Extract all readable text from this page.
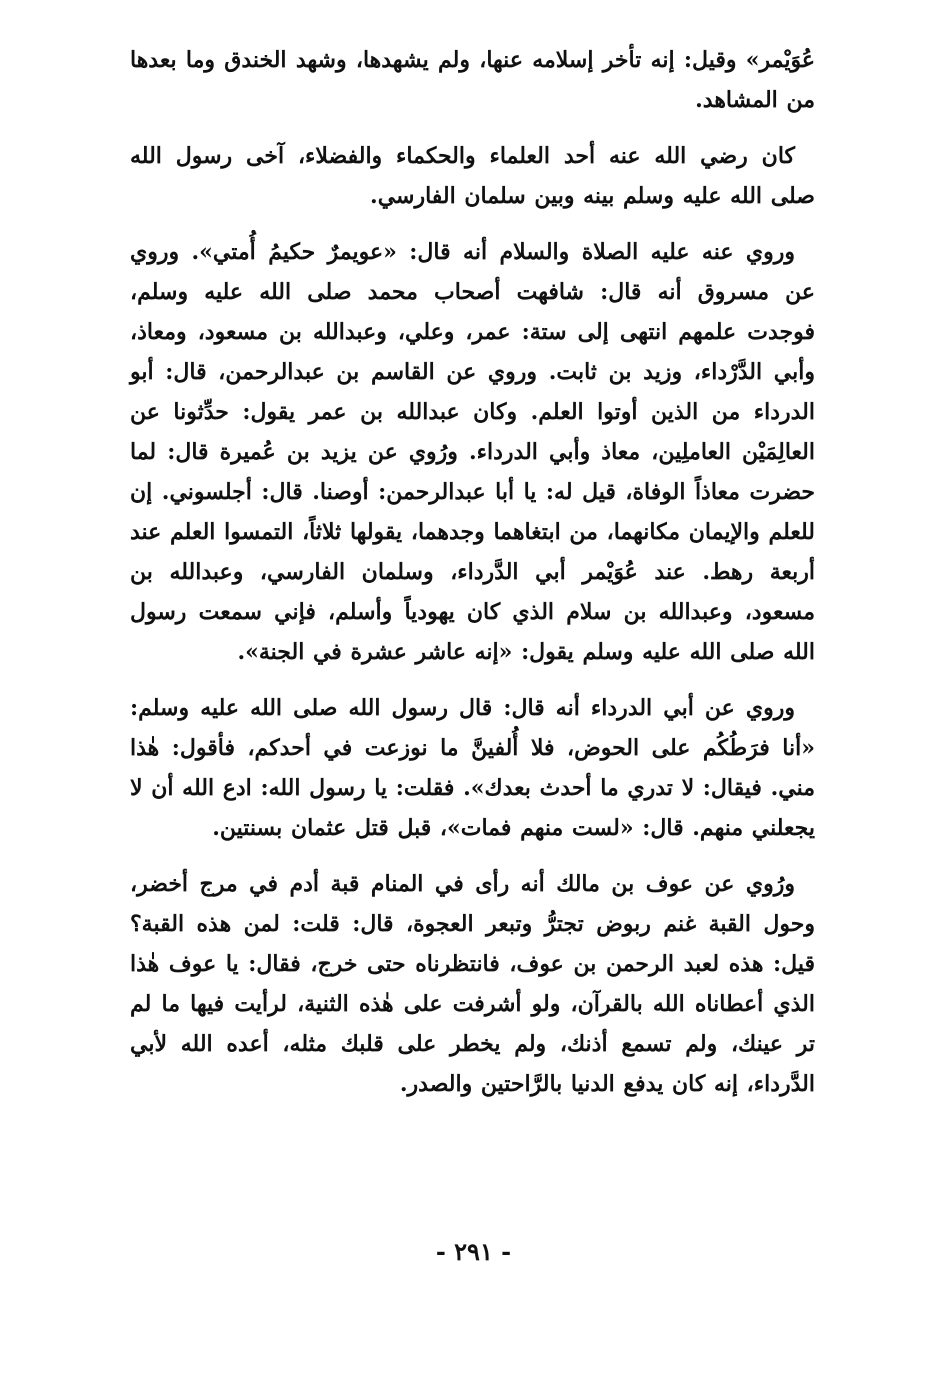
عُوَيْمر» وقيل: إنه تأخر إسلامه عنها، ولم يشهدها، وشهد الخندق وما بعدها من المشاهد.

كان رضي الله عنه أحد العلماء والحكماء والفضلاء، آخى رسول الله صلى الله عليه وسلم بينه وبين سلمان الفارسي.

وروي عنه عليه الصلاة والسلام أنه قال: «عويمرٌ حكيمُ أُمتي». وروي عن مسروق أنه قال: شافهت أصحاب محمد صلى الله عليه وسلم، فوجدت علمهم انتهى إلى ستة: عمر، وعلي، وعبدالله بن مسعود، ومعاذ، وأبي الدَّرْداء، وزيد بن ثابت. وروي عن القاسم بن عبدالرحمن، قال: أبو الدرداء من الذين أوتوا العلم. وكان عبدالله بن عمر يقول: حدِّثونا عن العالِمَيْن العاملِين، معاذ وأبي الدرداء. ورُوي عن يزيد بن عُميرة قال: لما حضرت معاذاً الوفاة، قيل له: يا أبا عبدالرحمن: أوصنا. قال: أجلسوني. إن للعلم والإيمان مكانهما، من ابتغاهما وجدهما، يقولها ثلاثاً، التمسوا العلم عند أربعة رهط. عند عُوَيْمر أبي الدَّرداء، وسلمان الفارسي، وعبدالله بن مسعود، وعبدالله بن سلام الذي كان يهودياً وأسلم، فإني سمعت رسول الله صلى الله عليه وسلم يقول: «إنه عاشر عشرة في الجنة».

وروي عن أبي الدرداء أنه قال: قال رسول الله صلى الله عليه وسلم: «أنا فرَطُكُم على الحوض، فلا أُلفينَّ ما نوزعت في أحدكم، فأقول: هٰذا مني. فيقال: لا تدري ما أحدث بعدك». فقلت: يا رسول الله: ادع الله أن لا يجعلني منهم. قال: «لست منهم فمات»، قبل قتل عثمان بسنتين.

ورُوي عن عوف بن مالك أنه رأى في المنام قبة أدم في مرج أخضر، وحول القبة غنم ربوض تجترُّ وتبعر العجوة، قال: قلت: لمن هذه القبة؟ قيل: هذه لعبد الرحمن بن عوف، فانتظرناه حتى خرج، فقال: يا عوف هٰذا الذي أعطاناه الله بالقرآن، ولو أشرفت على هٰذه الثنية، لرأيت فيها ما لم تر عينك، ولم تسمع أذنك، ولم يخطر على قلبك مثله، أعده الله لأبي الدَّرداء، إنه كان يدفع الدنيا بالرَّاحتين والصدر.

- ٢٩١ -
